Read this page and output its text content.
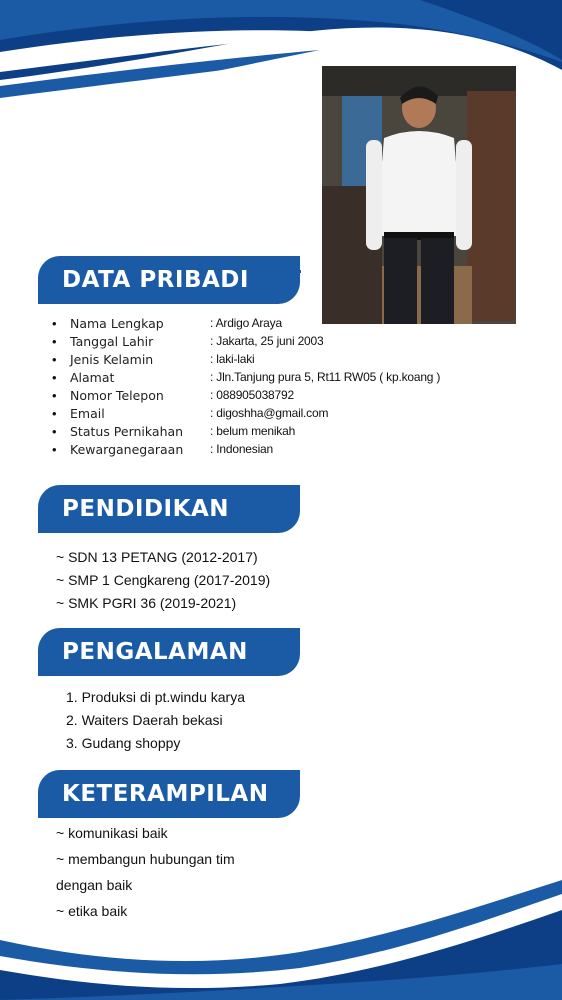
DATA PRIBADI
•	Nama Lengkap	: Ardigo Araya
•	Tanggal Lahir	: Jakarta, 25 juni 2003
•	Jenis Kelamin	: laki-laki
•	Alamat	: Jln.Tanjung pura 5, Rt11 RW05 ( kp.koang )
•	Nomor Telepon	: 088905038792
•	Email	: digoshha@gmail.com
•	Status Pernikahan	: belum menikah
•	Kewarganegaraan	: Indonesian
PENDIDIKAN
~ SDN 13 PETANG (2012-2017)
~ SMP 1 Cengkareng (2017-2019)
~ SMK PGRI 36 (2019-2021)
PENGALAMAN
1. Produksi di pt.windu karya
2. Waiters Daerah bekasi
3. Gudang shoppy
KETERAMPILAN
~ komunikasi baik
~ membangun hubungan tim
dengan baik
~ etika baik
